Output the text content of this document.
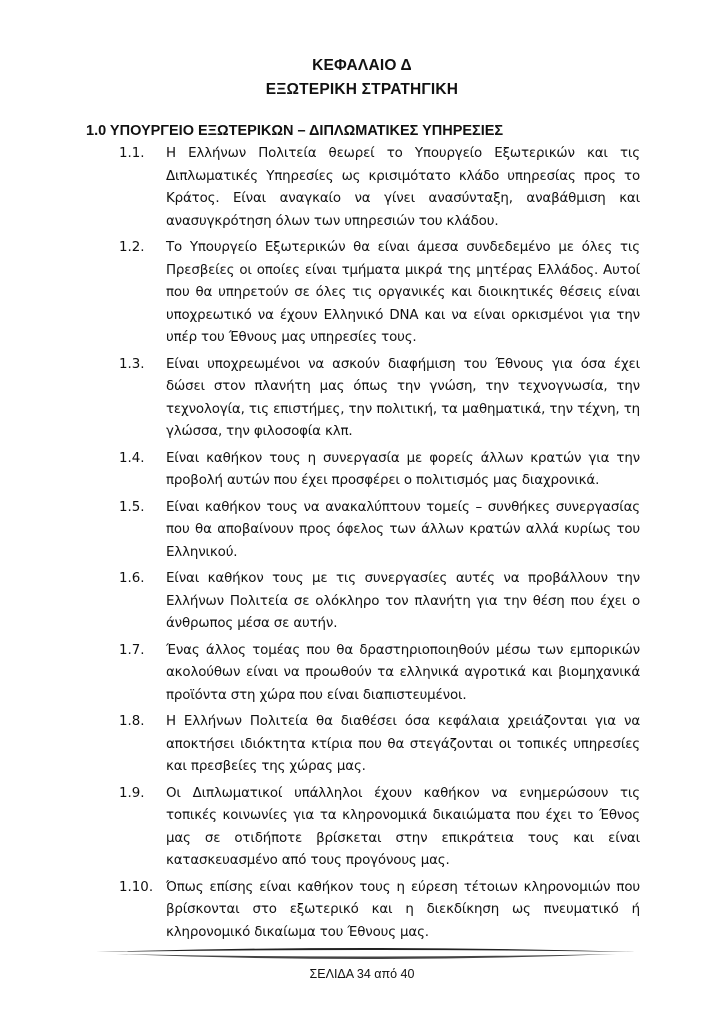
ΚΕΦΑΛΑΙΟ Δ
ΕΞΩΤΕΡΙΚΗ ΣΤΡΑΤΗΓΙΚΗ
1.0 ΥΠΟΥΡΓΕΙΟ ΕΞΩΤΕΡΙΚΩΝ – ΔΙΠΛΩΜΑΤΙΚΕΣ ΥΠΗΡΕΣΙΕΣ
1.1. Η Ελλήνων Πολιτεία θεωρεί το Υπουργείο Εξωτερικών και τις Διπλωματικές Υπηρεσίες ως κρισιμότατο κλάδο υπηρεσίας προς το Κράτος. Είναι αναγκαίο να γίνει ανασύνταξη, αναβάθμιση και ανασυγκρότηση όλων των υπηρεσιών του κλάδου.
1.2. Το Υπουργείο Εξωτερικών θα είναι άμεσα συνδεδεμένο με όλες τις Πρεσβείες οι οποίες είναι τμήματα μικρά της μητέρας Ελλάδος. Αυτοί που θα υπηρετούν σε όλες τις οργανικές και διοικητικές θέσεις είναι υποχρεωτικό να έχουν Ελληνικό DNA και να είναι ορκισμένοι για την υπέρ του Έθνους μας υπηρεσίες τους.
1.3. Είναι υποχρεωμένοι να ασκούν διαφήμιση του Έθνους για όσα έχει δώσει στον πλανήτη μας όπως την γνώση, την τεχνογνωσία, την τεχνολογία, τις επιστήμες, την πολιτική, τα μαθηματικά, την τέχνη, τη γλώσσα, την φιλοσοφία κλπ.
1.4. Είναι καθήκον τους η συνεργασία με φορείς άλλων κρατών για την προβολή αυτών που έχει προσφέρει ο πολιτισμός μας διαχρονικά.
1.5. Είναι καθήκον τους να ανακαλύπτουν τομείς – συνθήκες συνεργασίας που θα αποβαίνουν προς όφελος των άλλων κρατών αλλά κυρίως του Ελληνικού.
1.6. Είναι καθήκον τους με τις συνεργασίες αυτές να προβάλλουν την Ελλήνων Πολιτεία σε ολόκληρο τον πλανήτη για την θέση που έχει ο άνθρωπος μέσα σε αυτήν.
1.7. Ένας άλλος τομέας που θα δραστηριοποιηθούν μέσω των εμπορικών ακολούθων είναι να προωθούν τα ελληνικά αγροτικά και βιομηχανικά προϊόντα στη χώρα που είναι διαπιστευμένοι.
1.8. Η Ελλήνων Πολιτεία θα διαθέσει όσα κεφάλαια χρειάζονται για να αποκτήσει ιδιόκτητα κτίρια που θα στεγάζονται οι τοπικές υπηρεσίες και πρεσβείες της χώρας μας.
1.9. Οι Διπλωματικοί υπάλληλοι έχουν καθήκον να ενημερώσουν τις τοπικές κοινωνίες για τα κληρονομικά δικαιώματα που έχει το Έθνος μας σε οτιδήποτε βρίσκεται στην επικράτεια τους και είναι κατασκευασμένο από τους προγόνους μας.
1.10. Όπως επίσης είναι καθήκον τους η εύρεση τέτοιων κληρονομιών που βρίσκονται στο εξωτερικό και η διεκδίκηση ως πνευματικό ή κληρονομικό δικαίωμα του Έθνους μας.
ΣΕΛΙΔΑ 34 από 40
